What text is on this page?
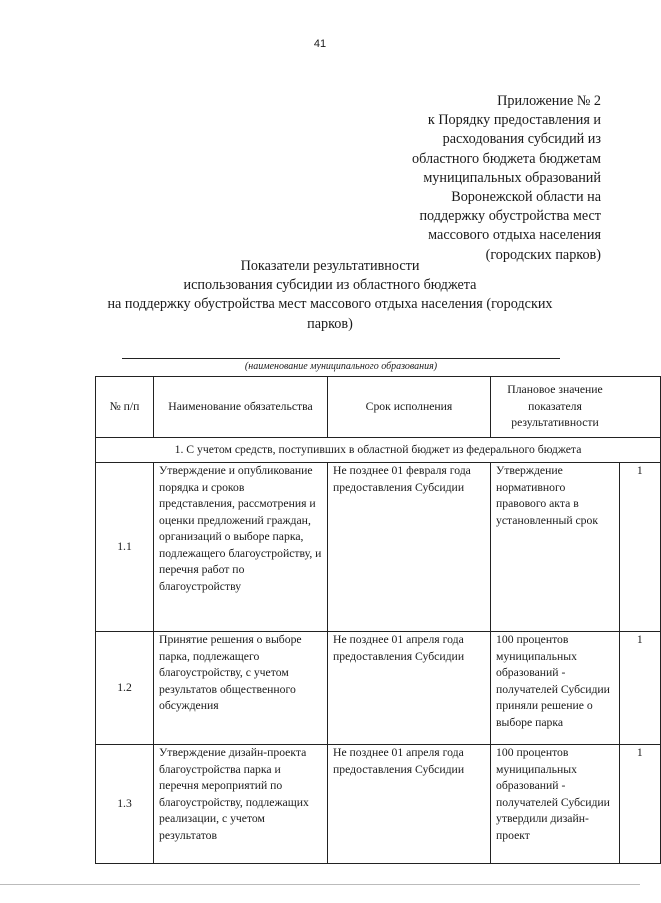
41
Приложение № 2
к Порядку предоставления и
расходования субсидий из
областного бюджета бюджетам
муниципальных образований
Воронежской области на
поддержку обустройства мест
массового отдыха населения
(городских парков)
Показатели результативности
использования субсидии из областного бюджета
на поддержку обустройства мест массового отдыха населения (городских
парков)
(наименование муниципального образования)
№ п/п	Наименование обязательства	Срок исполнения	Плановое значение показателя результативности	
1. С учетом средств, поступивших в областной бюджет из федерального бюджета				
1.1	Утверждение и опубликование порядка и сроков представления, рассмотрения и оценки предложений граждан, организаций о выборе парка, подлежащего благоустройству, и перечня работ по благоустройству	Не позднее 01 февраля года предоставления Субсидии	Утверждение нормативного правового акта в установленный срок	1
1.2	Принятие решения о выборе парка, подлежащего благоустройству, с учетом результатов общественного обсуждения	Не позднее 01 апреля года предоставления Субсидии	100 процентов муниципальных образований - получателей Субсидии приняли решение о выборе парка	1
1.3	Утверждение дизайн-проекта благоустройства парка и перечня мероприятий по благоустройству, подлежащих реализации, с учетом результатов	Не позднее 01 апреля года предоставления Субсидии	100 процентов муниципальных образований - получателей Субсидии утвердили дизайн-проект	1
